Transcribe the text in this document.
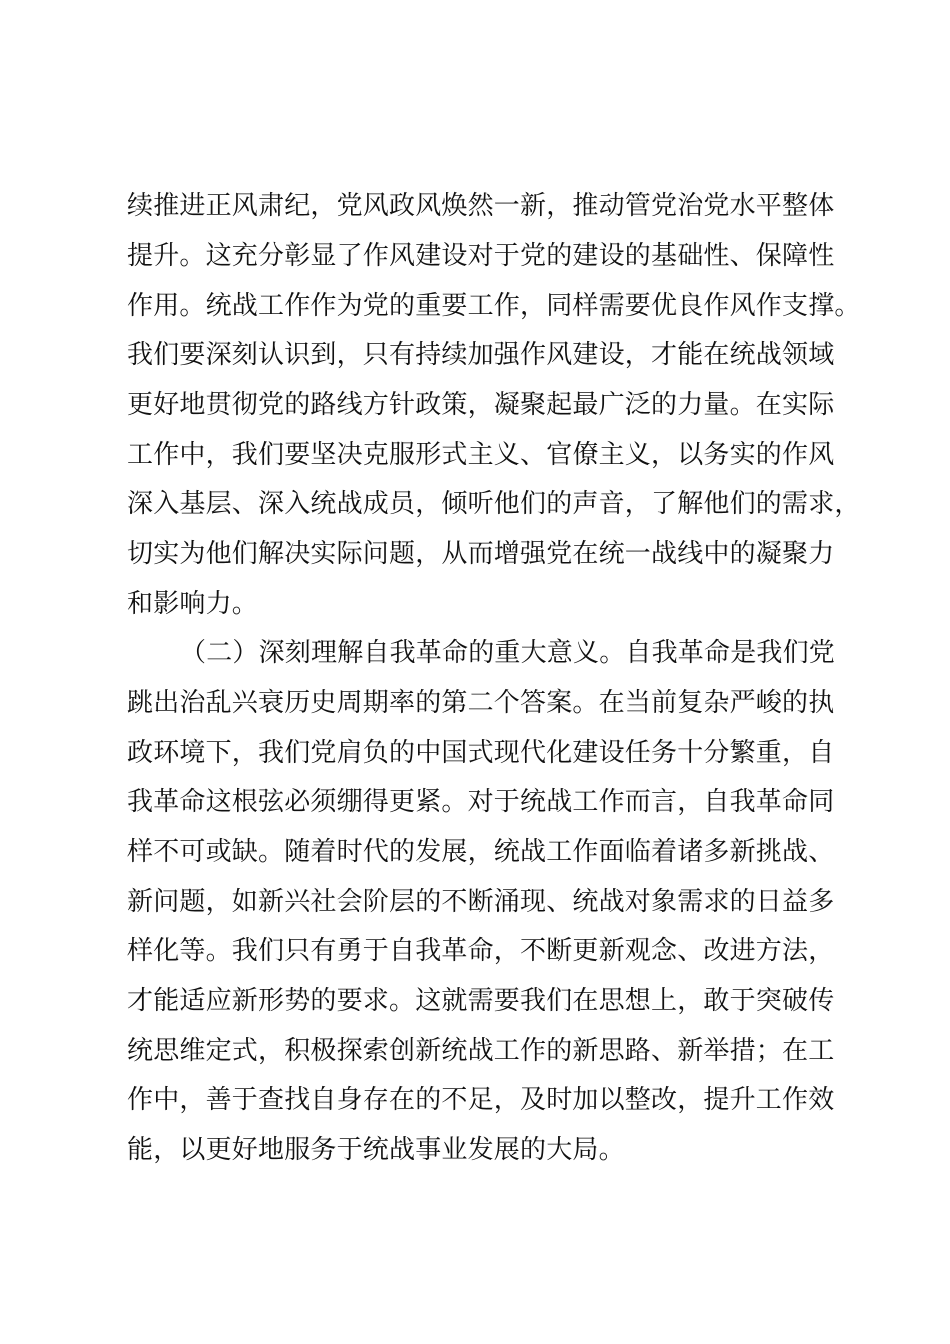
续推进正风肃纪，党风政风焕然一新，推动管党治党水平整体
提升。这充分彰显了作风建设对于党的建设的基础性、保障性
作用。统战工作作为党的重要工作，同样需要优良作风作支撑。
我们要深刻认识到，只有持续加强作风建设，才能在统战领域
更好地贯彻党的路线方针政策，凝聚起最广泛的力量。在实际
工作中，我们要坚决克服形式主义、官僚主义，以务实的作风
深入基层、深入统战成员，倾听他们的声音，了解他们的需求，
切实为他们解决实际问题，从而增强党在统一战线中的凝聚力
和影响力。
（二）深刻理解自我革命的重大意义。自我革命是我们党
跳出治乱兴衰历史周期率的第二个答案。在当前复杂严峻的执
政环境下，我们党肩负的中国式现代化建设任务十分繁重，自
我革命这根弦必须绷得更紧。对于统战工作而言，自我革命同
样不可或缺。随着时代的发展，统战工作面临着诸多新挑战、
新问题，如新兴社会阶层的不断涌现、统战对象需求的日益多
样化等。我们只有勇于自我革命，不断更新观念、改进方法，
才能适应新形势的要求。这就需要我们在思想上，敢于突破传
统思维定式，积极探索创新统战工作的新思路、新举措；在工
作中，善于查找自身存在的不足，及时加以整改，提升工作效
能，以更好地服务于统战事业发展的大局。
